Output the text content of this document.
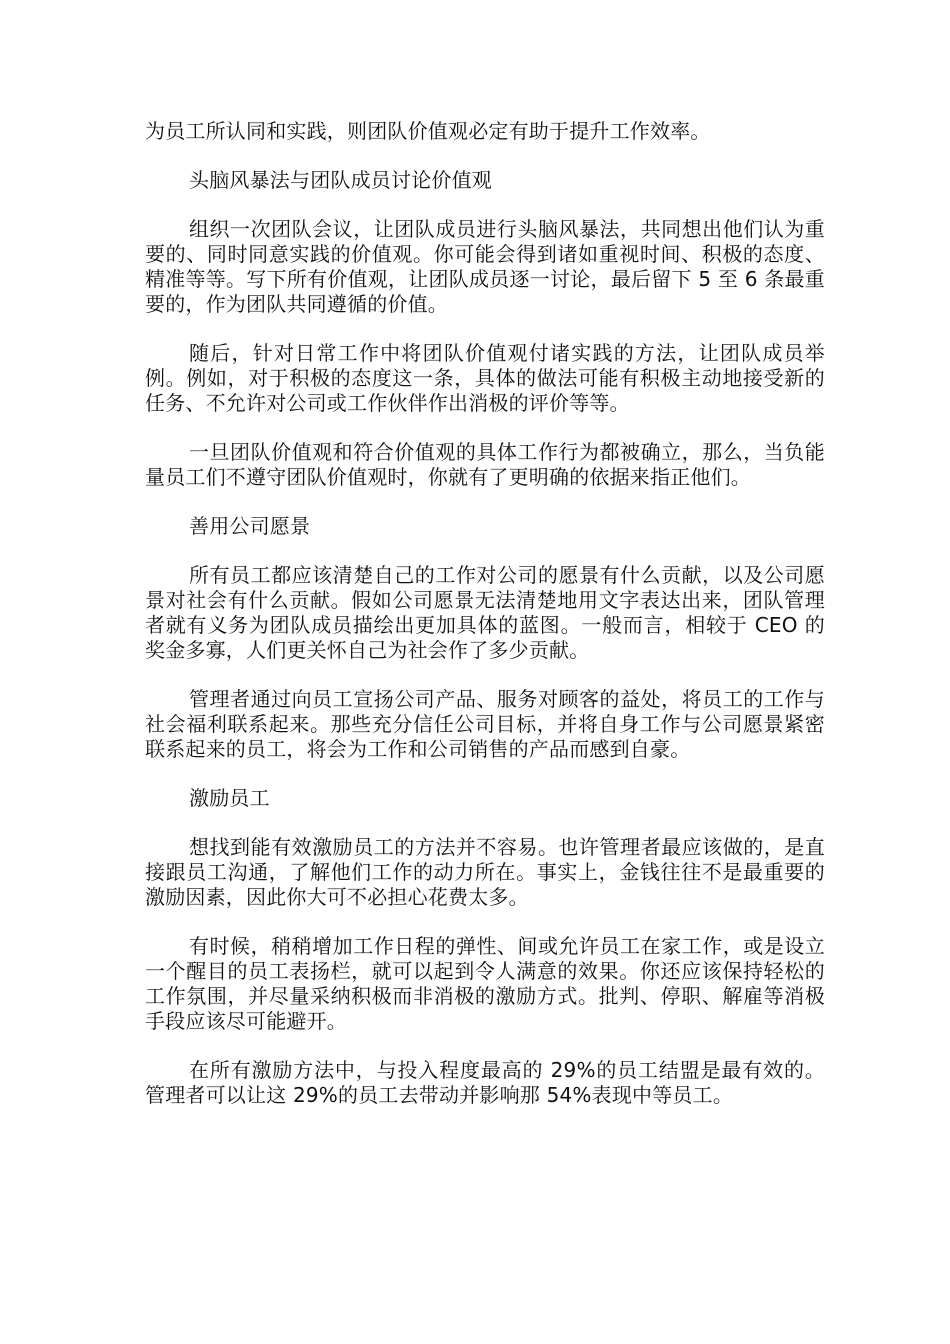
为员工所认同和实践，则团队价值观必定有助于提升工作效率。

头脑风暴法与团队成员讨论价值观

组织一次团队会议，让团队成员进行头脑风暴法，共同想出他们认为重要的、同时同意实践的价值观。你可能会得到诸如重视时间、积极的态度、精准等等。写下所有价值观，让团队成员逐一讨论，最后留下 5 至 6 条最重要的，作为团队共同遵循的价值。

随后，针对日常工作中将团队价值观付诸实践的方法，让团队成员举例。例如，对于积极的态度这一条，具体的做法可能有积极主动地接受新的任务、不允许对公司或工作伙伴作出消极的评价等等。

一旦团队价值观和符合价值观的具体工作行为都被确立，那么，当负能量员工们不遵守团队价值观时，你就有了更明确的依据来指正他们。

善用公司愿景

所有员工都应该清楚自己的工作对公司的愿景有什么贡献，以及公司愿景对社会有什么贡献。假如公司愿景无法清楚地用文字表达出来，团队管理者就有义务为团队成员描绘出更加具体的蓝图。一般而言，相较于 CEO 的奖金多寡，人们更关怀自己为社会作了多少贡献。

管理者通过向员工宣扬公司产品、服务对顾客的益处，将员工的工作与社会福利联系起来。那些充分信任公司目标，并将自身工作与公司愿景紧密联系起来的员工，将会为工作和公司销售的产品而感到自豪。

激励员工

想找到能有效激励员工的方法并不容易。也许管理者最应该做的，是直接跟员工沟通，了解他们工作的动力所在。事实上，金钱往往不是最重要的激励因素，因此你大可不必担心花费太多。

有时候，稍稍增加工作日程的弹性、间或允许员工在家工作，或是设立一个醒目的员工表扬栏，就可以起到令人满意的效果。你还应该保持轻松的工作氛围，并尽量采纳积极而非消极的激励方式。批判、停职、解雇等消极手段应该尽可能避开。

在所有激励方法中，与投入程度最高的 29%的员工结盟是最有效的。管理者可以让这 29%的员工去带动并影响那 54%表现中等员工。
